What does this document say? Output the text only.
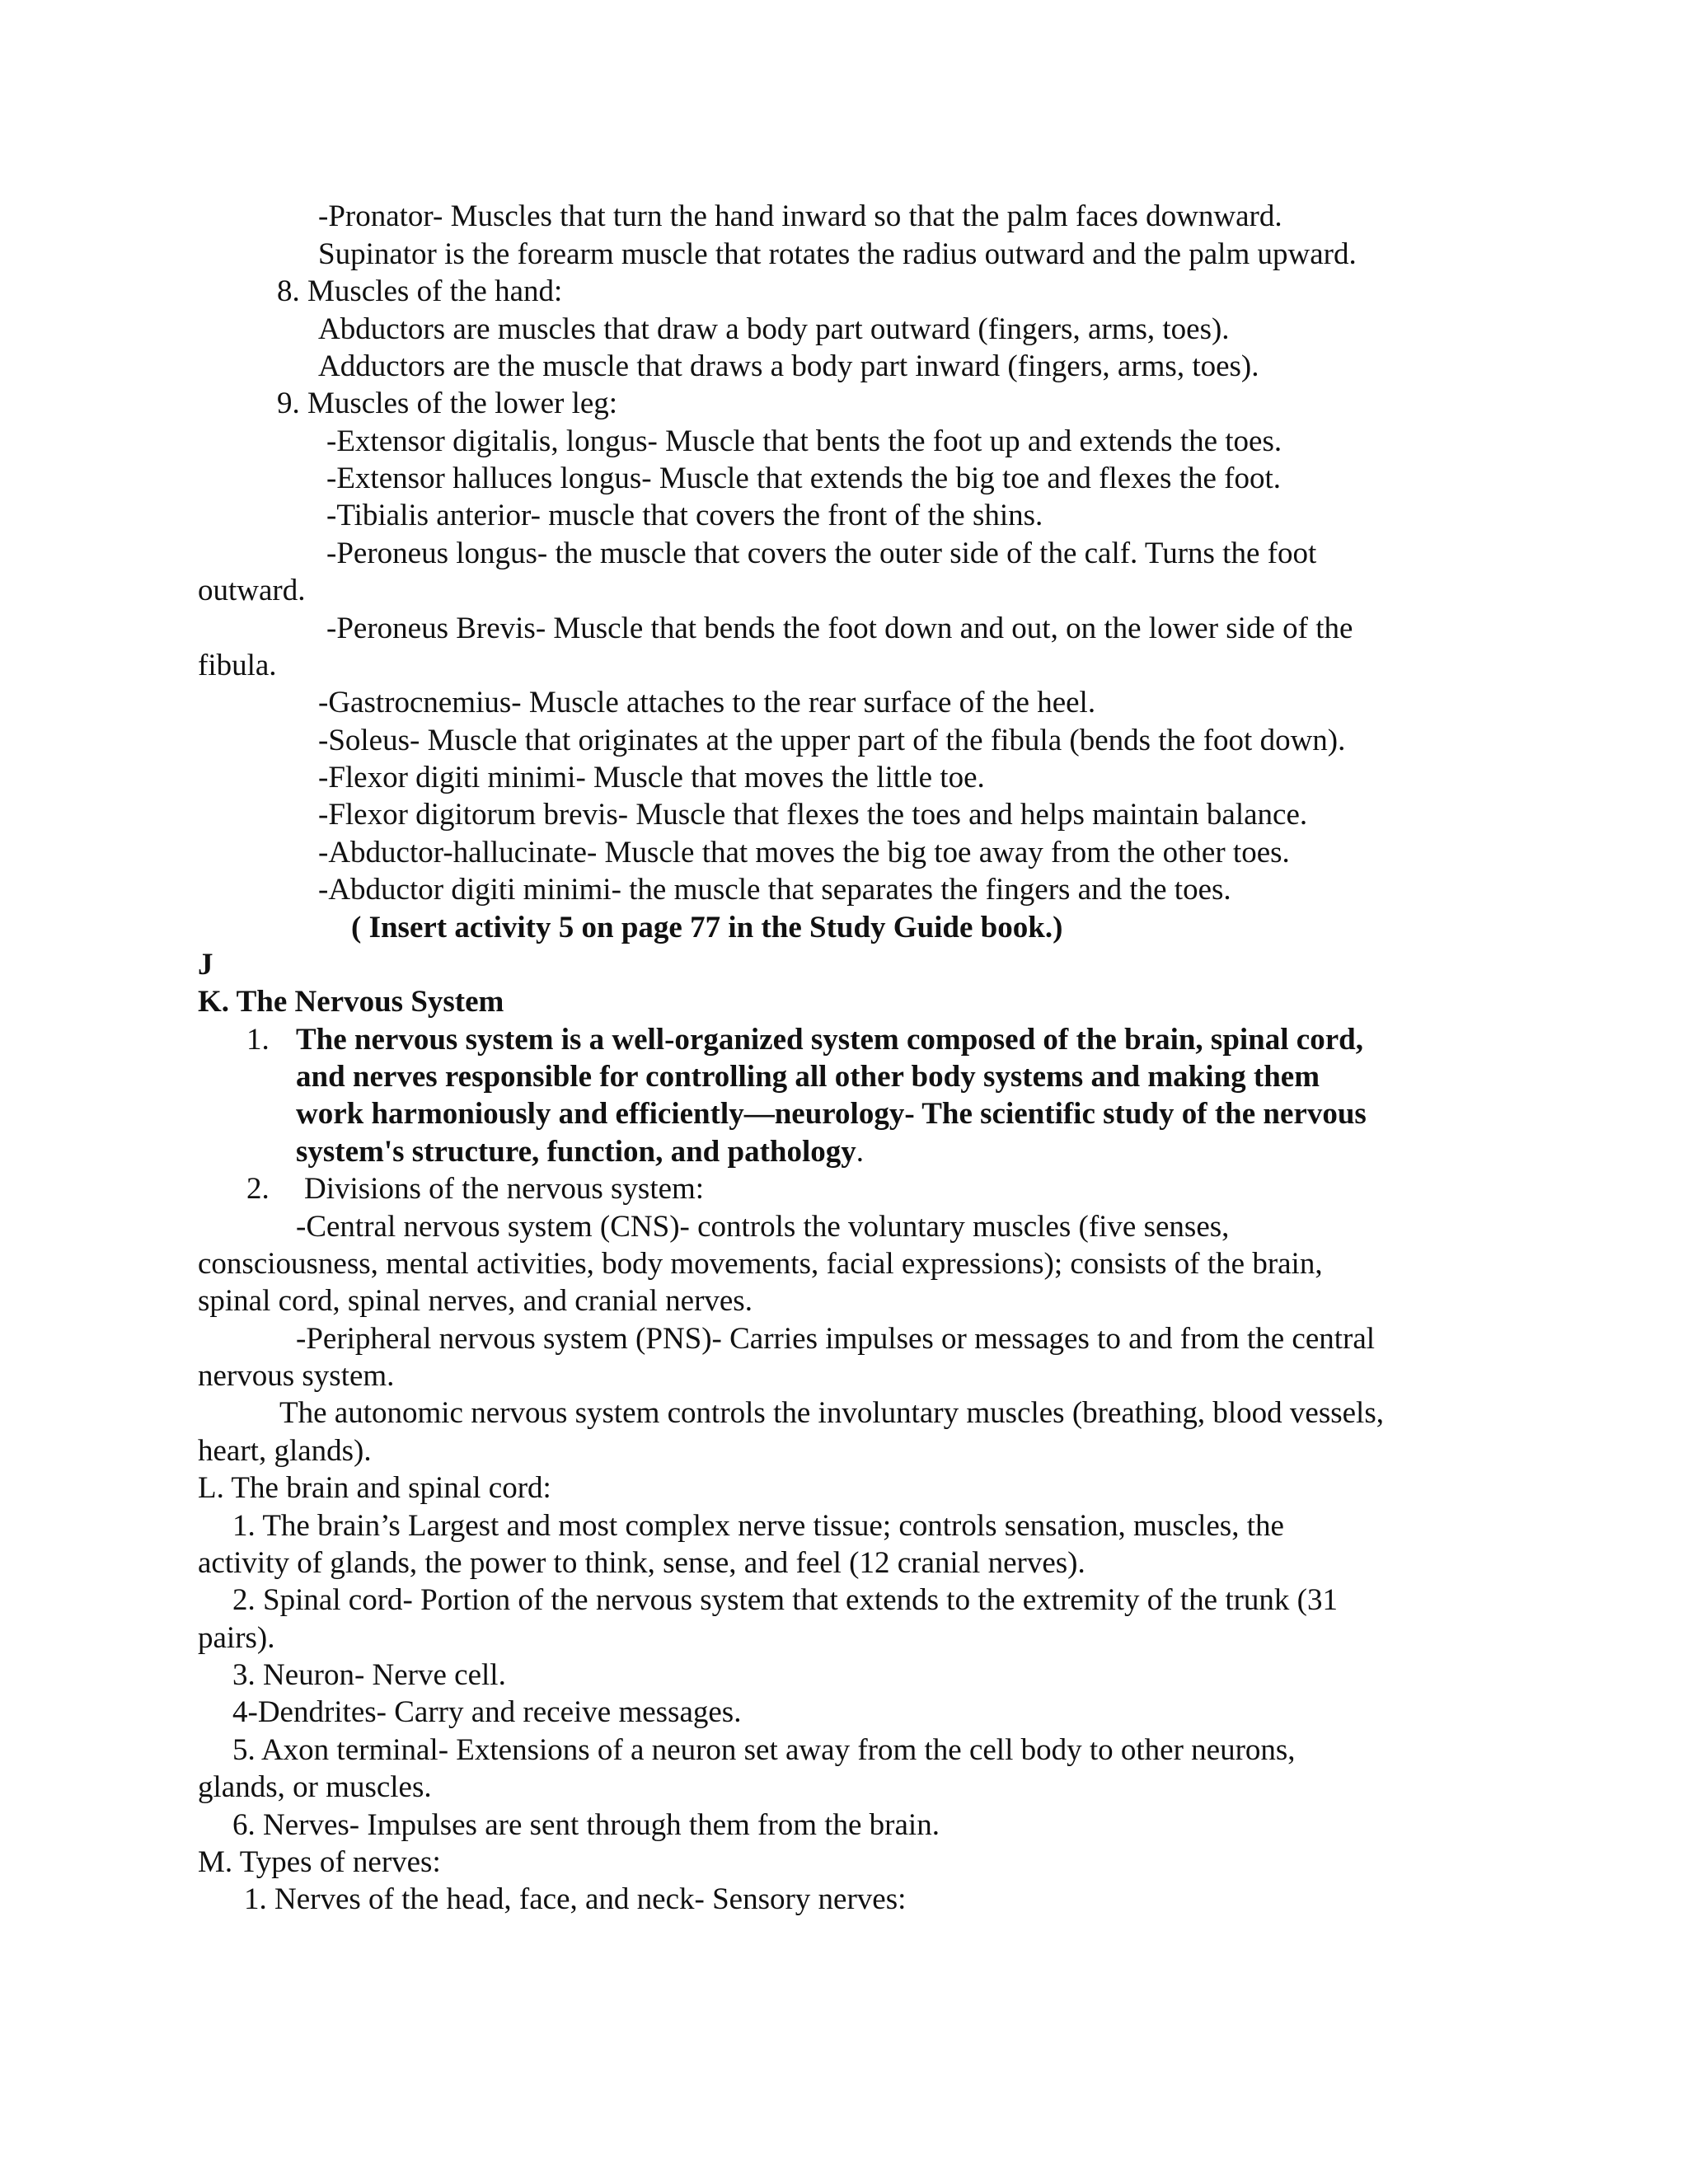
-Pronator- Muscles that turn the hand inward so that the palm faces downward.

Supinator is the forearm muscle that rotates the radius outward and the palm upward.

8. Muscles of the hand:

Abductors are muscles that draw a body part outward (fingers, arms, toes).

Adductors are the muscle that draws a body part inward (fingers, arms, toes).

9. Muscles of the lower leg:

-Extensor digitalis, longus- Muscle that bents the foot up and extends the toes.

-Extensor halluces longus- Muscle that extends the big toe and flexes the foot.

-Tibialis anterior- muscle that covers the front of the shins.

-Peroneus longus- the muscle that covers the outer side of the calf. Turns the foot

outward.

-Peroneus Brevis- Muscle that bends the foot down and out, on the lower side of the

fibula.

-Gastrocnemius- Muscle attaches to the rear surface of the heel.

-Soleus- Muscle that originates at the upper part of the fibula (bends the foot down).

-Flexor digiti minimi- Muscle that moves the little toe.

-Flexor digitorum brevis- Muscle that flexes the toes and helps maintain balance.

-Abductor-hallucinate- Muscle that moves the big toe away from the other toes.

-Abductor digiti minimi- the muscle that separates the fingers and the toes.

( Insert activity 5 on page 77 in the Study Guide book.)

J

K. The Nervous System

1. The nervous system is a well-organized system composed of the brain, spinal cord,

and nerves responsible for controlling all other body systems and making them

work harmoniously and efficiently—neurology- The scientific study of the nervous

system's structure, function, and pathology.

2. Divisions of the nervous system:

-Central nervous system (CNS)- controls the voluntary muscles (five senses,

consciousness, mental activities, body movements, facial expressions); consists of the brain,

spinal cord, spinal nerves, and cranial nerves.

-Peripheral nervous system (PNS)- Carries impulses or messages to and from the central

nervous system.

The autonomic nervous system controls the involuntary muscles (breathing, blood vessels,

heart, glands).

L. The brain and spinal cord:

1. The brain’s Largest and most complex nerve tissue; controls sensation, muscles, the

activity of glands, the power to think, sense, and feel (12 cranial nerves).

2. Spinal cord- Portion of the nervous system that extends to the extremity of the trunk (31

pairs).

3. Neuron- Nerve cell.

4-Dendrites- Carry and receive messages.

5. Axon terminal- Extensions of a neuron set away from the cell body to other neurons,

glands, or muscles.

6. Nerves- Impulses are sent through them from the brain.

M. Types of nerves:

1. Nerves of the head, face, and neck- Sensory nerves:
